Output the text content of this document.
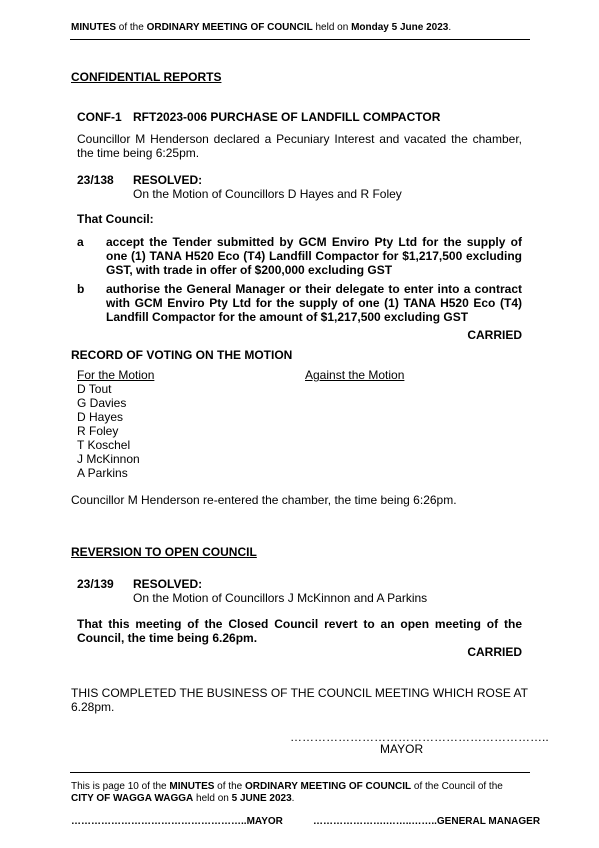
MINUTES of the ORDINARY MEETING OF COUNCIL held on Monday 5 June 2023.
CONFIDENTIAL REPORTS
CONF-1 RFT2023-006 PURCHASE OF LANDFILL COMPACTOR
Councillor M Henderson declared a Pecuniary Interest and vacated the chamber, the time being 6:25pm.
23/138 RESOLVED:
On the Motion of Councillors D Hayes and R Foley
That Council:
a accept the Tender submitted by GCM Enviro Pty Ltd for the supply of one (1) TANA H520 Eco (T4) Landfill Compactor for $1,217,500 excluding GST, with trade in offer of $200,000 excluding GST
b authorise the General Manager or their delegate to enter into a contract with GCM Enviro Pty Ltd for the supply of one (1) TANA H520 Eco (T4) Landfill Compactor for the amount of $1,217,500 excluding GST
CARRIED
RECORD OF VOTING ON THE MOTION
For the Motion	Against the Motion
D Tout
G Davies
D Hayes
R Foley
T Koschel
J McKinnon
A Parkins
Councillor M Henderson re-entered the chamber, the time being 6:26pm.
REVERSION TO OPEN COUNCIL
23/139 RESOLVED:
On the Motion of Councillors J McKinnon and A Parkins
That this meeting of the Closed Council revert to an open meeting of the Council, the time being 6.26pm.
CARRIED
THIS COMPLETED THE BUSINESS OF THE COUNCIL MEETING WHICH ROSE AT 6.28pm.
………………………………………………………..
MAYOR
This is page 10 of the MINUTES of the ORDINARY MEETING OF COUNCIL of the Council of the
CITY OF WAGGA WAGGA held on 5 JUNE 2023.
……………………………………………..MAYOR	………………….……..……..GENERAL MANAGER
